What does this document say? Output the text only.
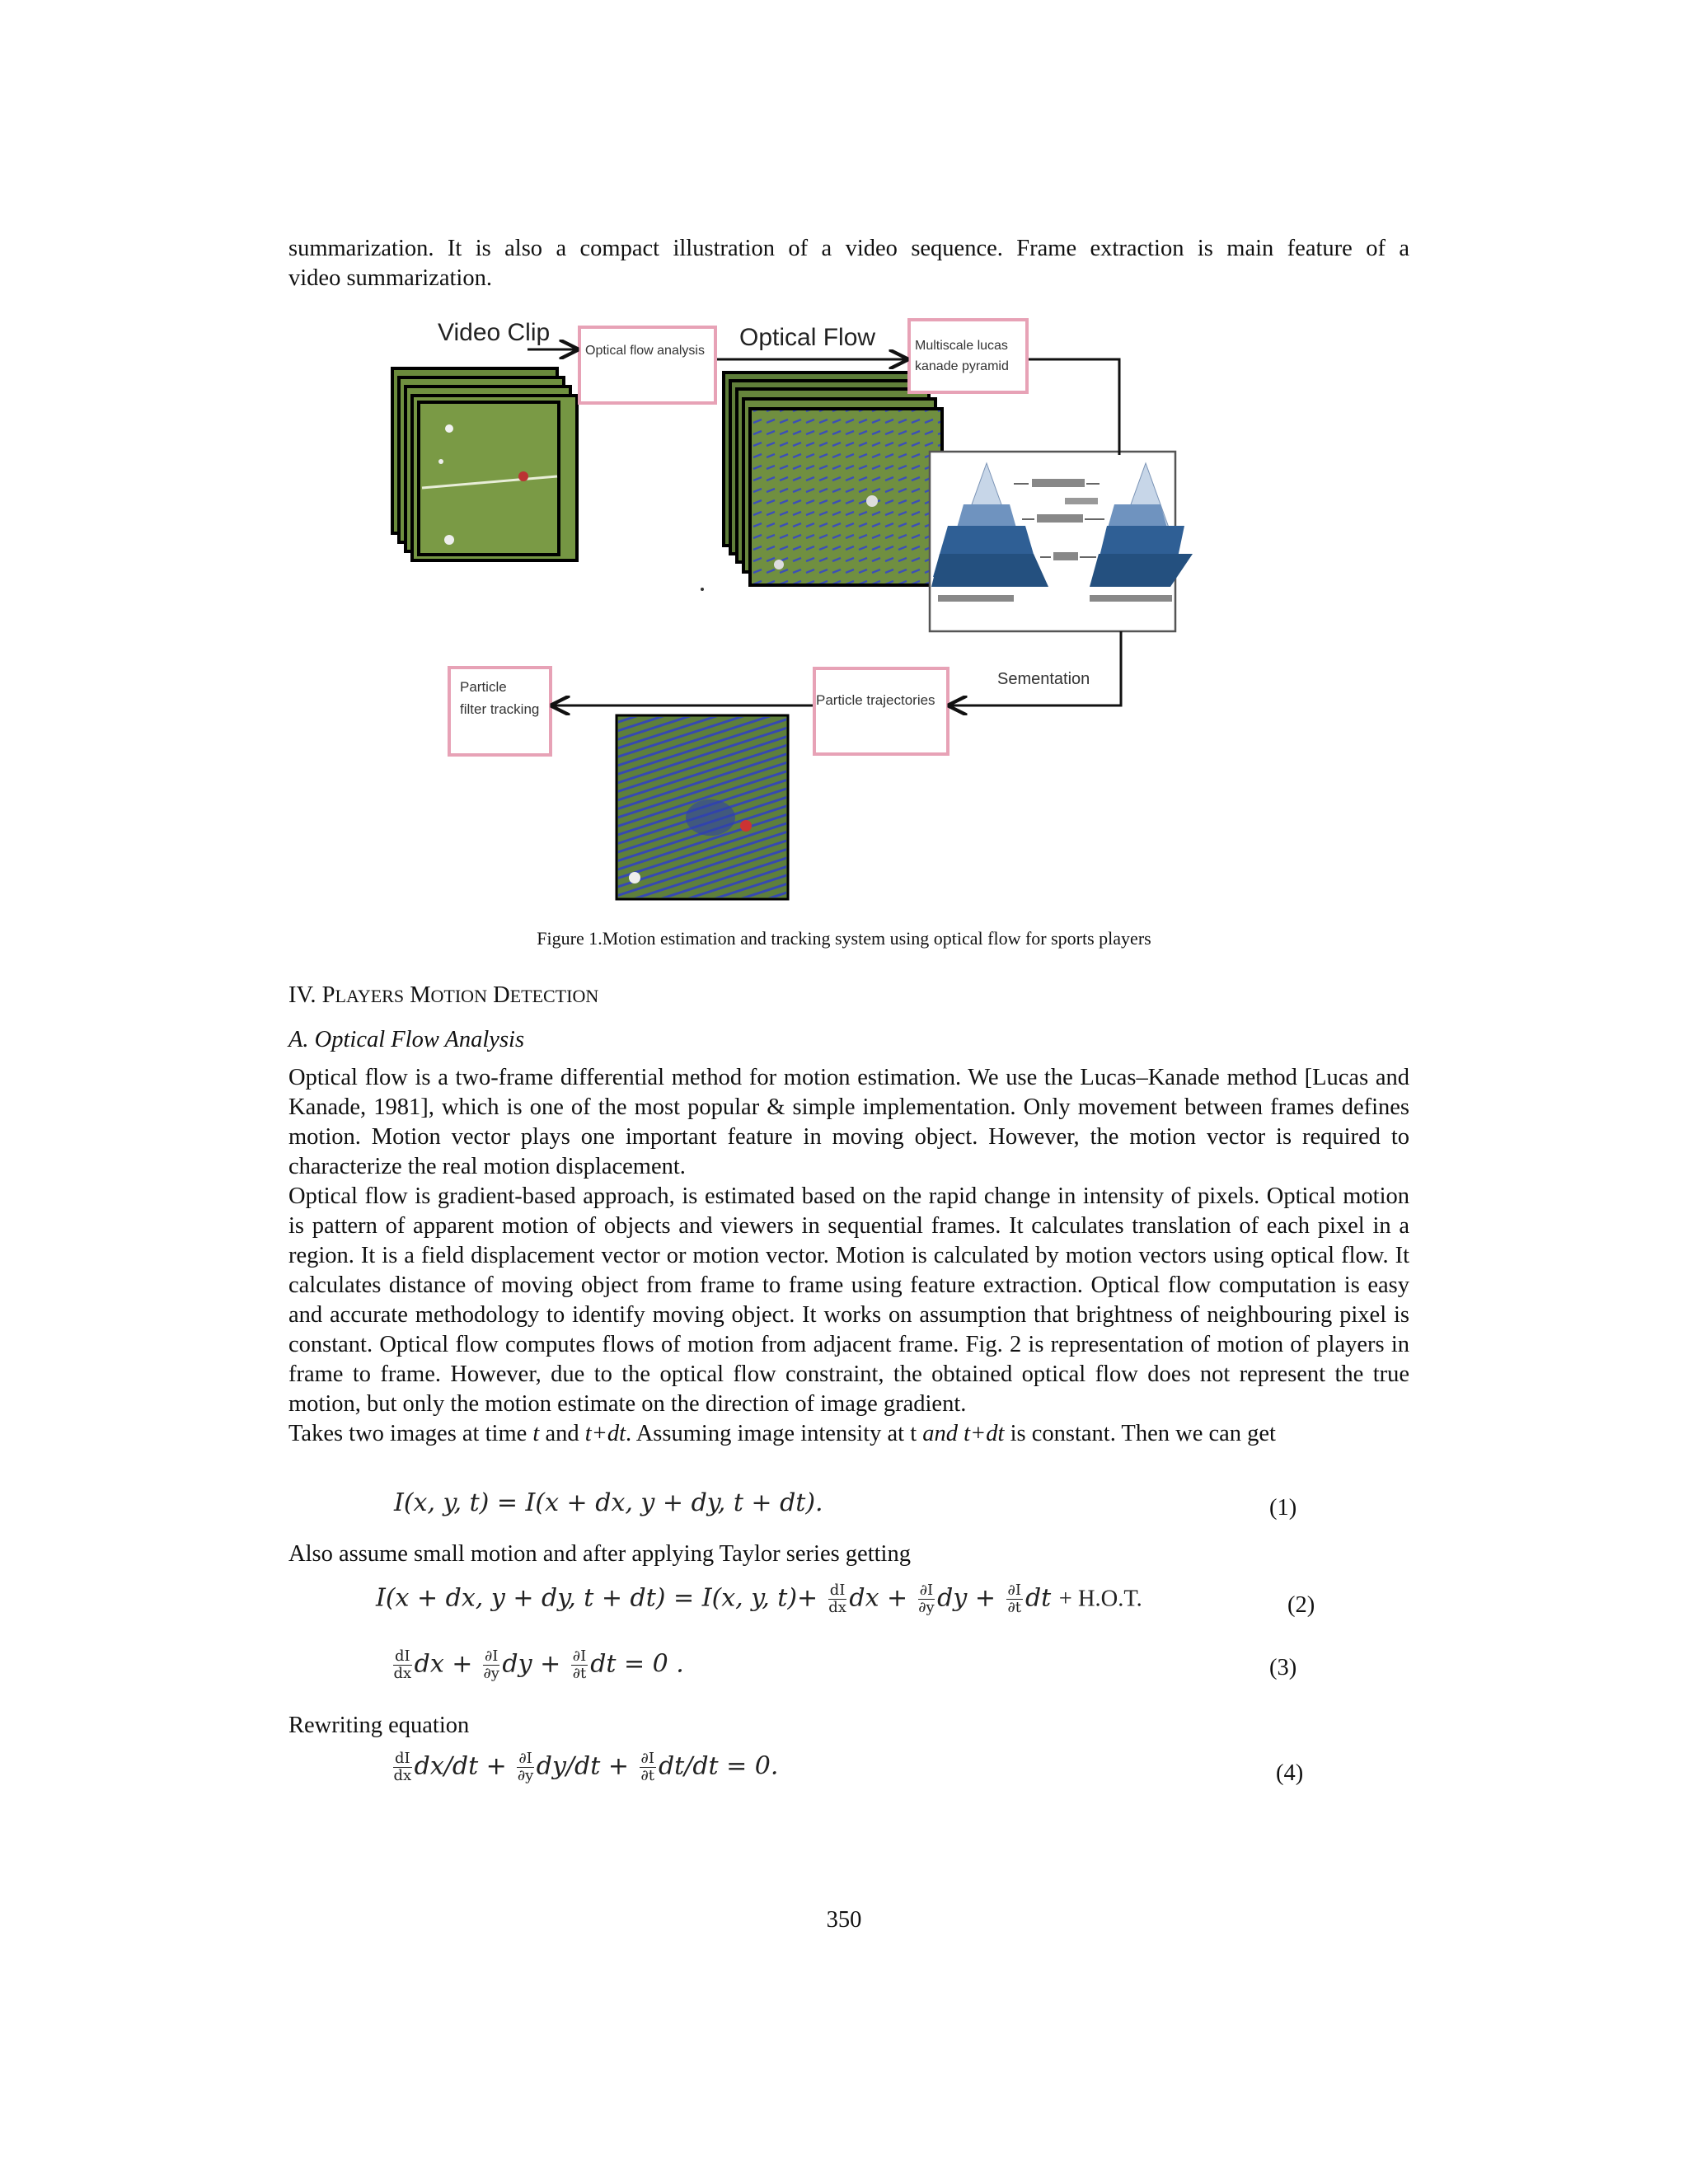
summarization. It is also a compact illustration of a video sequence. Frame extraction is main feature of a

video summarization.

Video Clip
Optical flow analysis Optical Flow	Multiscale lucas
kanade pyramid
Sementation
Particle trajectories
Particle
filter tracking
Figure 1.Motion estimation and tracking system using optical flow for sports players
IV. PLAYERS MOTION DETECTION
A. Optical Flow Analysis

Optical flow is a two-frame differential method for motion estimation. We use the Lucas–Kanade method [Lucas and Kanade, 1981], which is one of the most popular & simple implementation. Only movement between frames defines motion. Motion vector plays one important feature in moving object. However, the motion vector is required to characterize the real motion displacement.

Optical flow is gradient-based approach, is estimated based on the rapid change in intensity of pixels. Optical motion is pattern of apparent motion of objects and viewers in sequential frames. It calculates translation of each pixel in a region. It is a field displacement vector or motion vector. Motion is calculated by motion vectors using optical flow. It calculates distance of moving object from frame to frame using feature extraction. Optical flow computation is easy and accurate methodology to identify moving object. It works on assumption that brightness of neighbouring pixel is constant. Optical flow computes flows of motion from adjacent frame. Fig. 2 is representation of motion of players in frame to frame. However, due to the optical flow constraint, the obtained optical flow does not represent the true motion, but only the motion estimate on the direction of image gradient.

Takes two images at time t and t+dt. Assuming image intensity at t and t+dt is constant. Then we can get

I(x, y, t) = I(x + dx, y + dy, t + dt).	(1)
Also assume small motion and after applying Taylor series getting
I(x + dx, y + dy, t + dt) = I(x, y, $t)+ \frac{dI}{dx}$ dx + $\frac{\partial I}{\partial y}$ dy + $\frac{\partial I}{\partial t}$ dt + H.O.T.	(2)
$\frac{dI}{dx}$ dx + $\frac{\partial I}{\partial y}$ dy + $\frac{\partial I}{\partial t}$ dt = 0 .	(3)
Rewriting equation
$\frac{dI}{dx} dx/dt + \frac{\partial I}{\partial y} dy/dt + \frac{\partial I}{\partial t} dt/dt = 0$.	(4)
350
